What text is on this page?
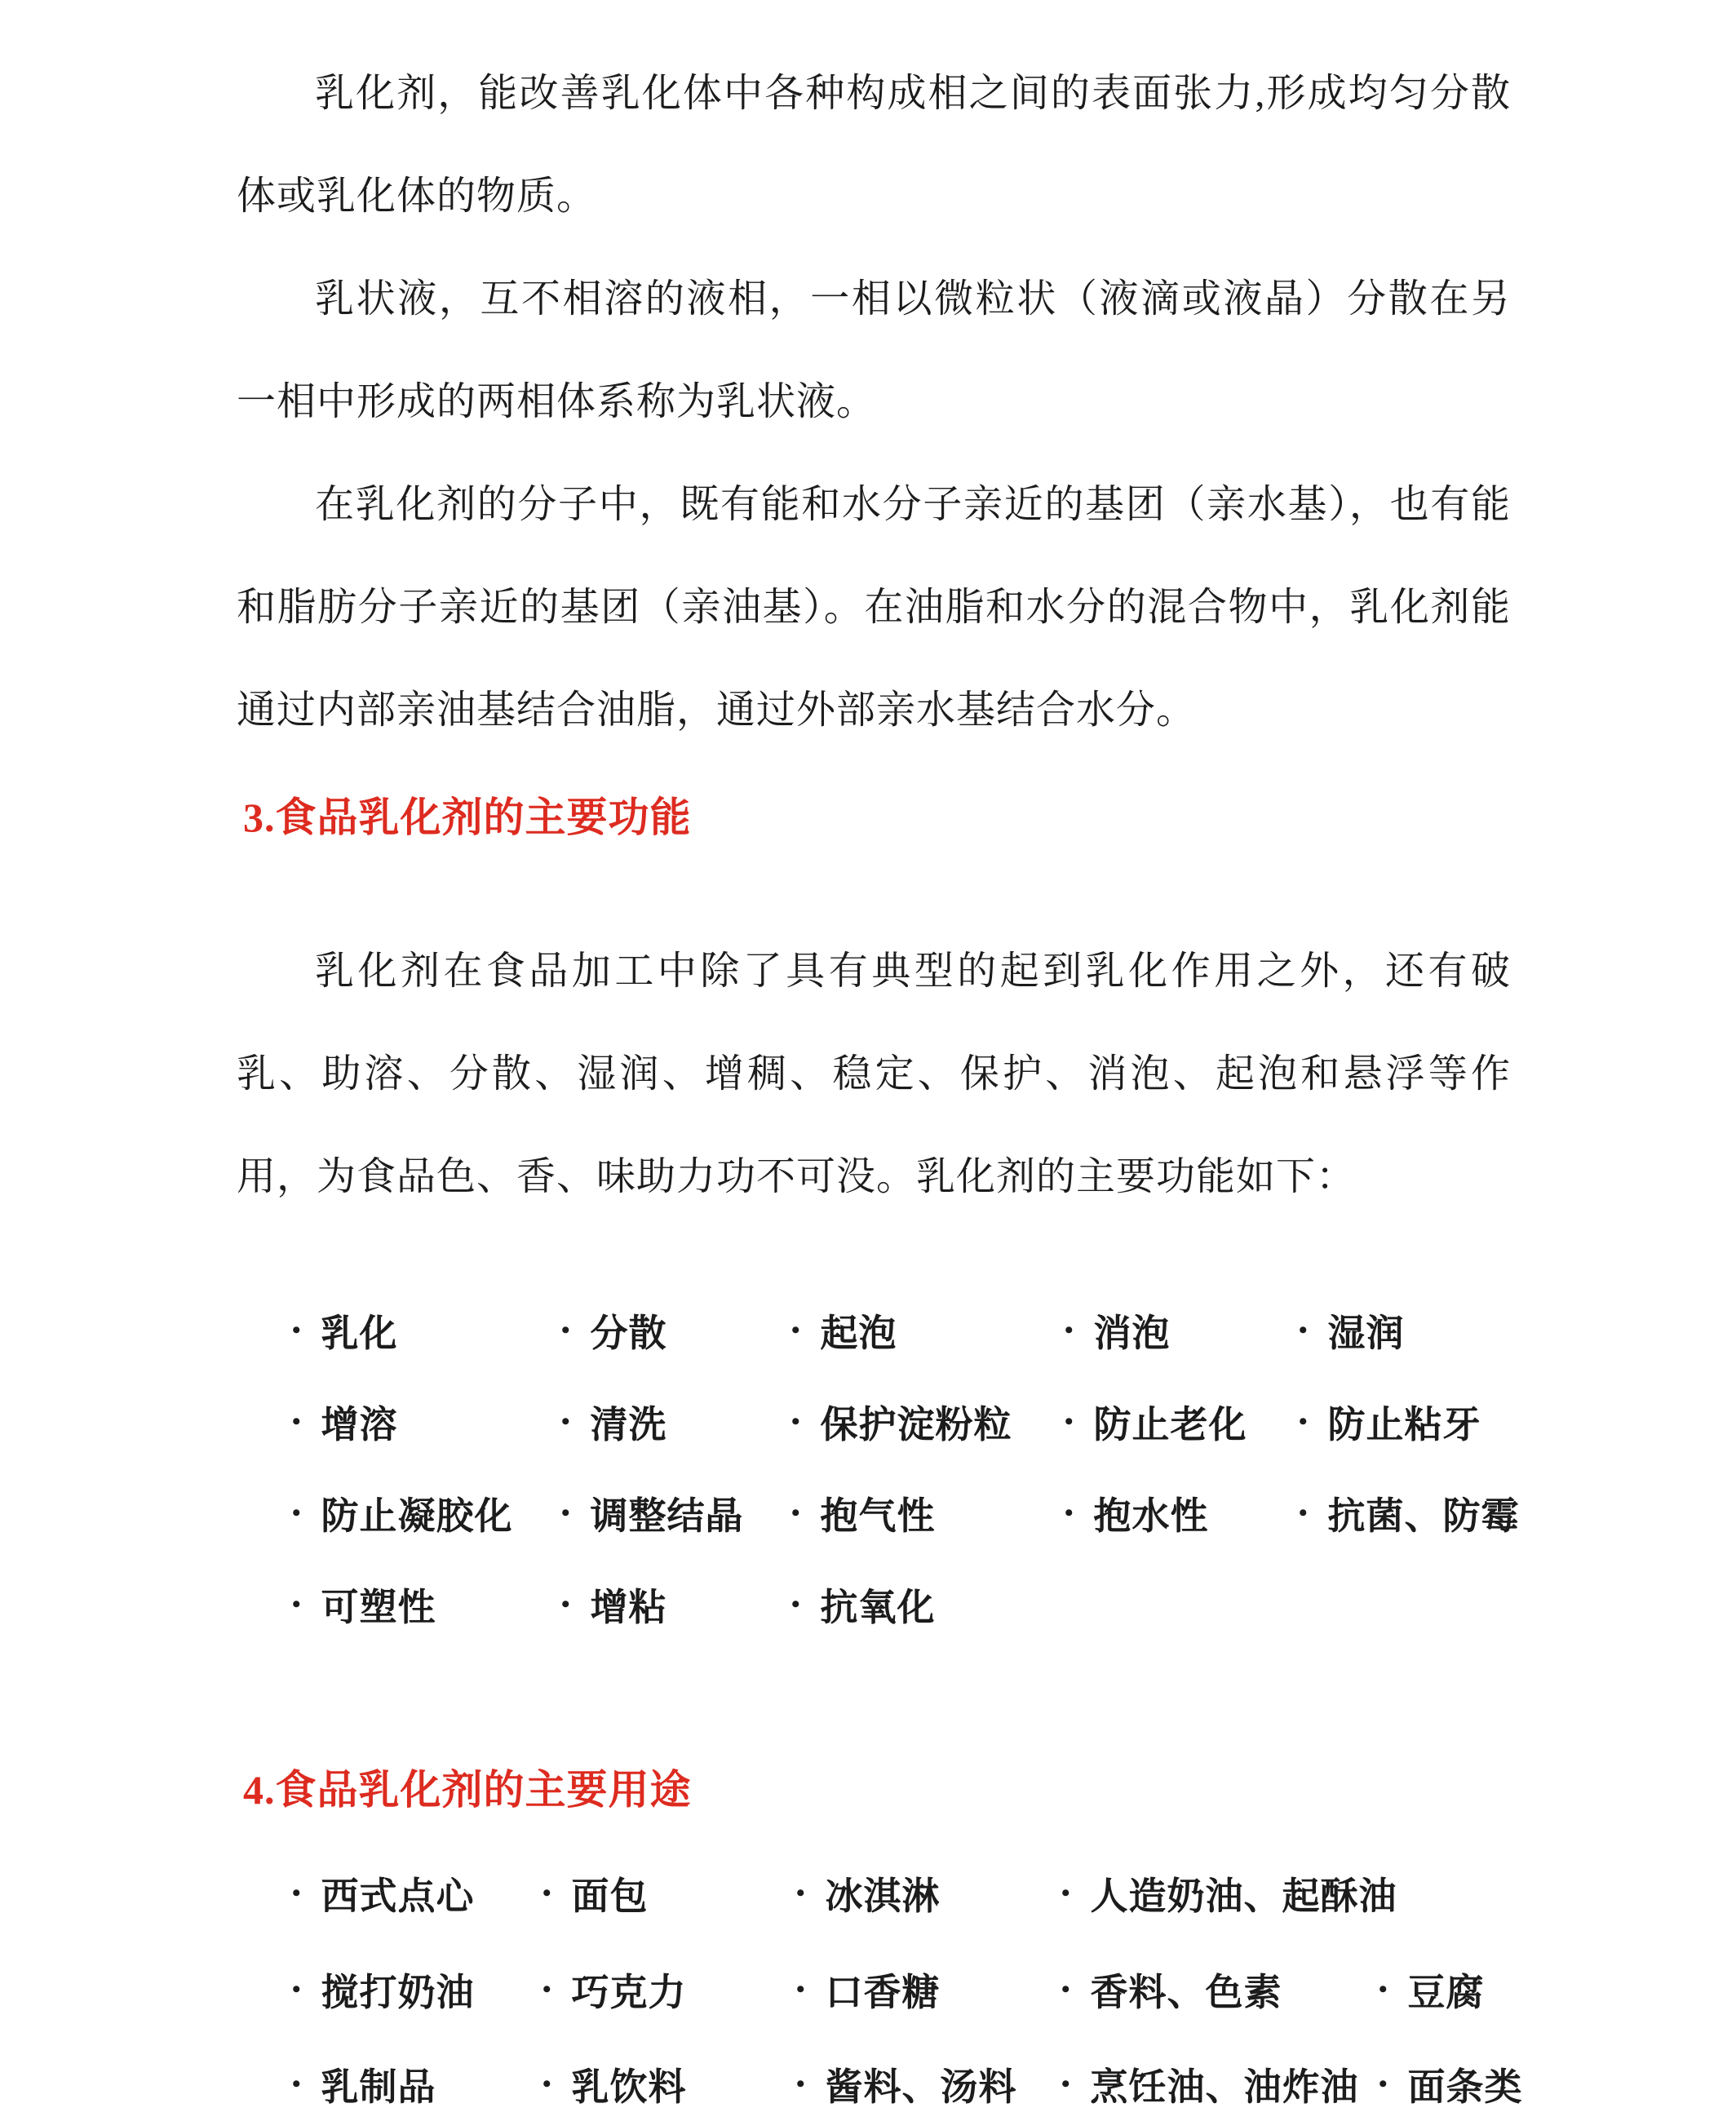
乳化剂，能改善乳化体中各种构成相之间的表面张力,形成均匀分散体或乳化体的物质。

乳状液，互不相溶的液相，一相以微粒状（液滴或液晶）分散在另一相中形成的两相体系称为乳状液。

在乳化剂的分子中，既有能和水分子亲近的基团（亲水基），也有能和脂肪分子亲近的基团（亲油基）。在油脂和水分的混合物中，乳化剂能通过内部亲油基结合油脂，通过外部亲水基结合水分。

3.食品乳化剂的主要功能

乳化剂在食品加工中除了具有典型的起到乳化作用之外，还有破乳、助溶、分散、湿润、增稠、稳定、保护、消泡、起泡和悬浮等作用，为食品色、香、味助力功不可没。乳化剂的主要功能如下：

• 乳化	• 分散	• 起泡	• 消泡	• 湿润
• 增溶	• 清洗	• 保护淀粉粒 • 防止老化 • 防止粘牙
• 防止凝胶化 • 调整结晶 • 抱气性	• 抱水性	• 抗菌、防霉
• 可塑性	• 增粘	• 抗氧化
4.食品乳化剂的主要用途
• 西式点心	• 面包	• 冰淇淋	• 人造奶油、起酥油
• 搅打奶油	• 巧克力	• 口香糖	• 香料、色素	• 豆腐
• 乳制品	• 乳饮料	• 酱料、汤料 • 烹饪油、油炸油 • 面条类
